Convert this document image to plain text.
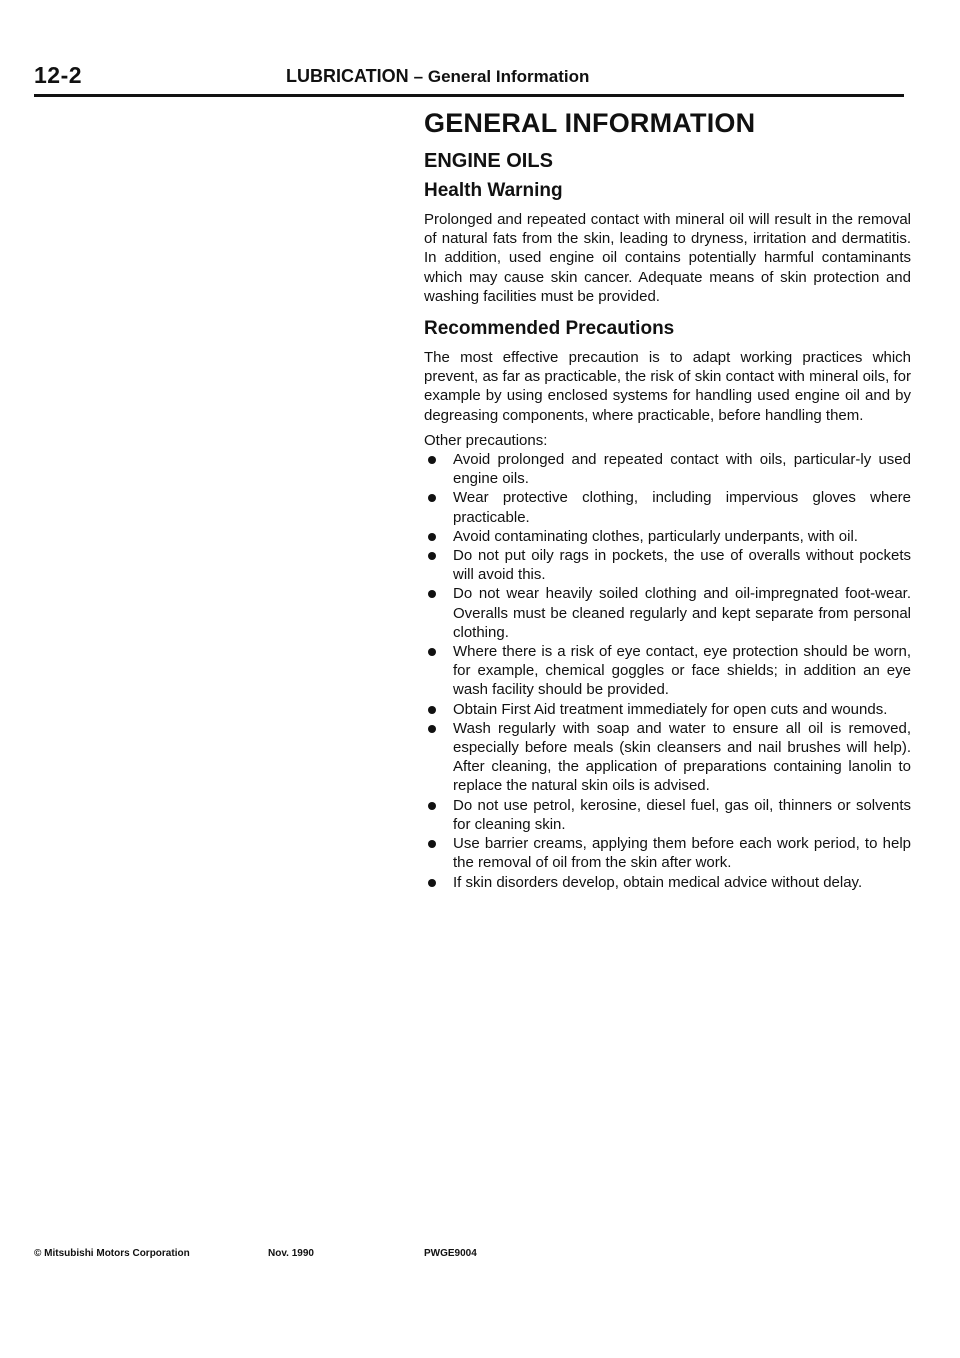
12-2	LUBRICATION – General Information
GENERAL INFORMATION
ENGINE OILS
Health Warning

Prolonged and repeated contact with mineral oil will result in the removal of natural fats from the skin, leading to dryness, irritation and dermatitis. In addition, used engine oil contains potentially harmful contaminants which may cause skin cancer. Adequate means of skin protection and washing facilities must be provided.

Recommended Precautions

The most effective precaution is to adapt working practices which prevent, as far as practicable, the risk of skin contact with mineral oils, for example by using enclosed systems for handling used engine oil and by degreasing components, where practicable, before handling them.

Other precautions:

Avoid prolonged and repeated contact with oils, particular-ly used engine oils.
Wear protective clothing, including impervious gloves where practicable.
Avoid contaminating clothes, particularly underpants, with oil.
Do not put oily rags in pockets, the use of overalls without pockets will avoid this.
Do not wear heavily soiled clothing and oil-impregnated foot-wear. Overalls must be cleaned regularly and kept separate from personal clothing.
Where there is a risk of eye contact, eye protection should be worn, for example, chemical goggles or face shields; in addition an eye wash facility should be provided.
Obtain First Aid treatment immediately for open cuts and wounds.
Wash regularly with soap and water to ensure all oil is removed, especially before meals (skin cleansers and nail brushes will help). After cleaning, the application of preparations containing lanolin to replace the natural skin oils is advised.
Do not use petrol, kerosine, diesel fuel, gas oil, thinners or solvents for cleaning skin.
Use barrier creams, applying them before each work period, to help the removal of oil from the skin after work.
If skin disorders develop, obtain medical advice without delay.
© Mitsubishi Motors Corporation	Nov. 1990	PWGE9004
